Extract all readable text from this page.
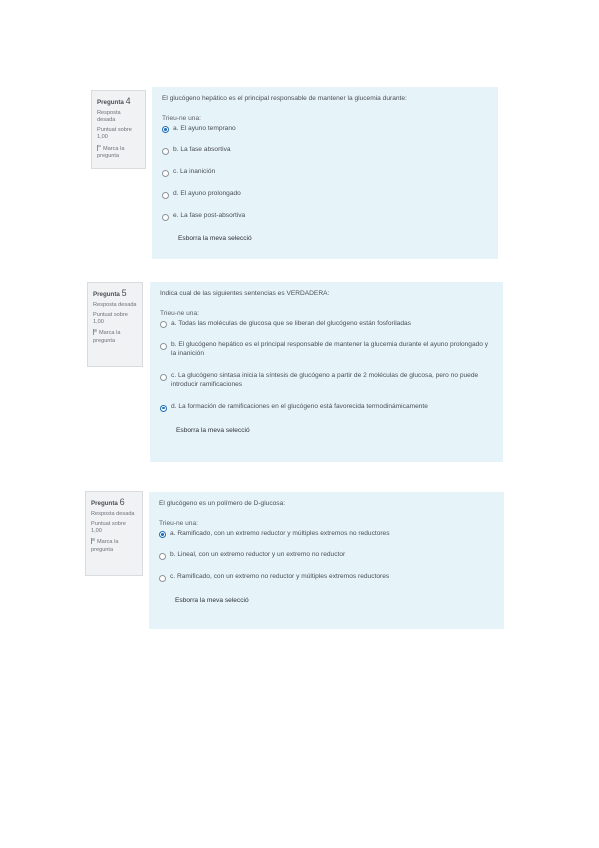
Pregunta 4
Resposta desada
Puntuat sobre 1,00
Marca la pregunta
El glucógeno hepático es el principal responsable de mantener la glucemia durante:
Trieu-ne una:
a. El ayuno temprano
b. La fase absortiva
c. La inanición
d. El ayuno prolongado
e. La fase post-absortiva
Esborra la meva selecció
Pregunta 5
Resposta desada
Puntuat sobre 1,00
Marca la pregunta
Indica cual de las siguientes sentencias es VERDADERA:
Trieu-ne una:
a. Todas las moléculas de glucosa que se liberan del glucógeno están fosforiladas
b. El glucógeno hepático es el principal responsable de mantener la glucemia durante el ayuno prolongado y la inanición
c. La glucógeno sintasa inicia la síntesis de glucógeno a partir de 2 moléculas de glucosa, pero no puede introducir ramificaciones
d. La formación de ramificaciones en el glucógeno está favorecida termodinámicamente
Esborra la meva selecció
Pregunta 6
Resposta desada
Puntuat sobre 1,00
Marca la pregunta
El glucógeno es un polímero de D-glucosa:
Trieu-ne una:
a. Ramificado, con un extremo reductor y múltiples extremos no reductores
b. Lineal, con un extremo reductor y un extremo no reductor
c. Ramificado, con un extremo no reductor y múltiples extremos reductores
Esborra la meva selecció
